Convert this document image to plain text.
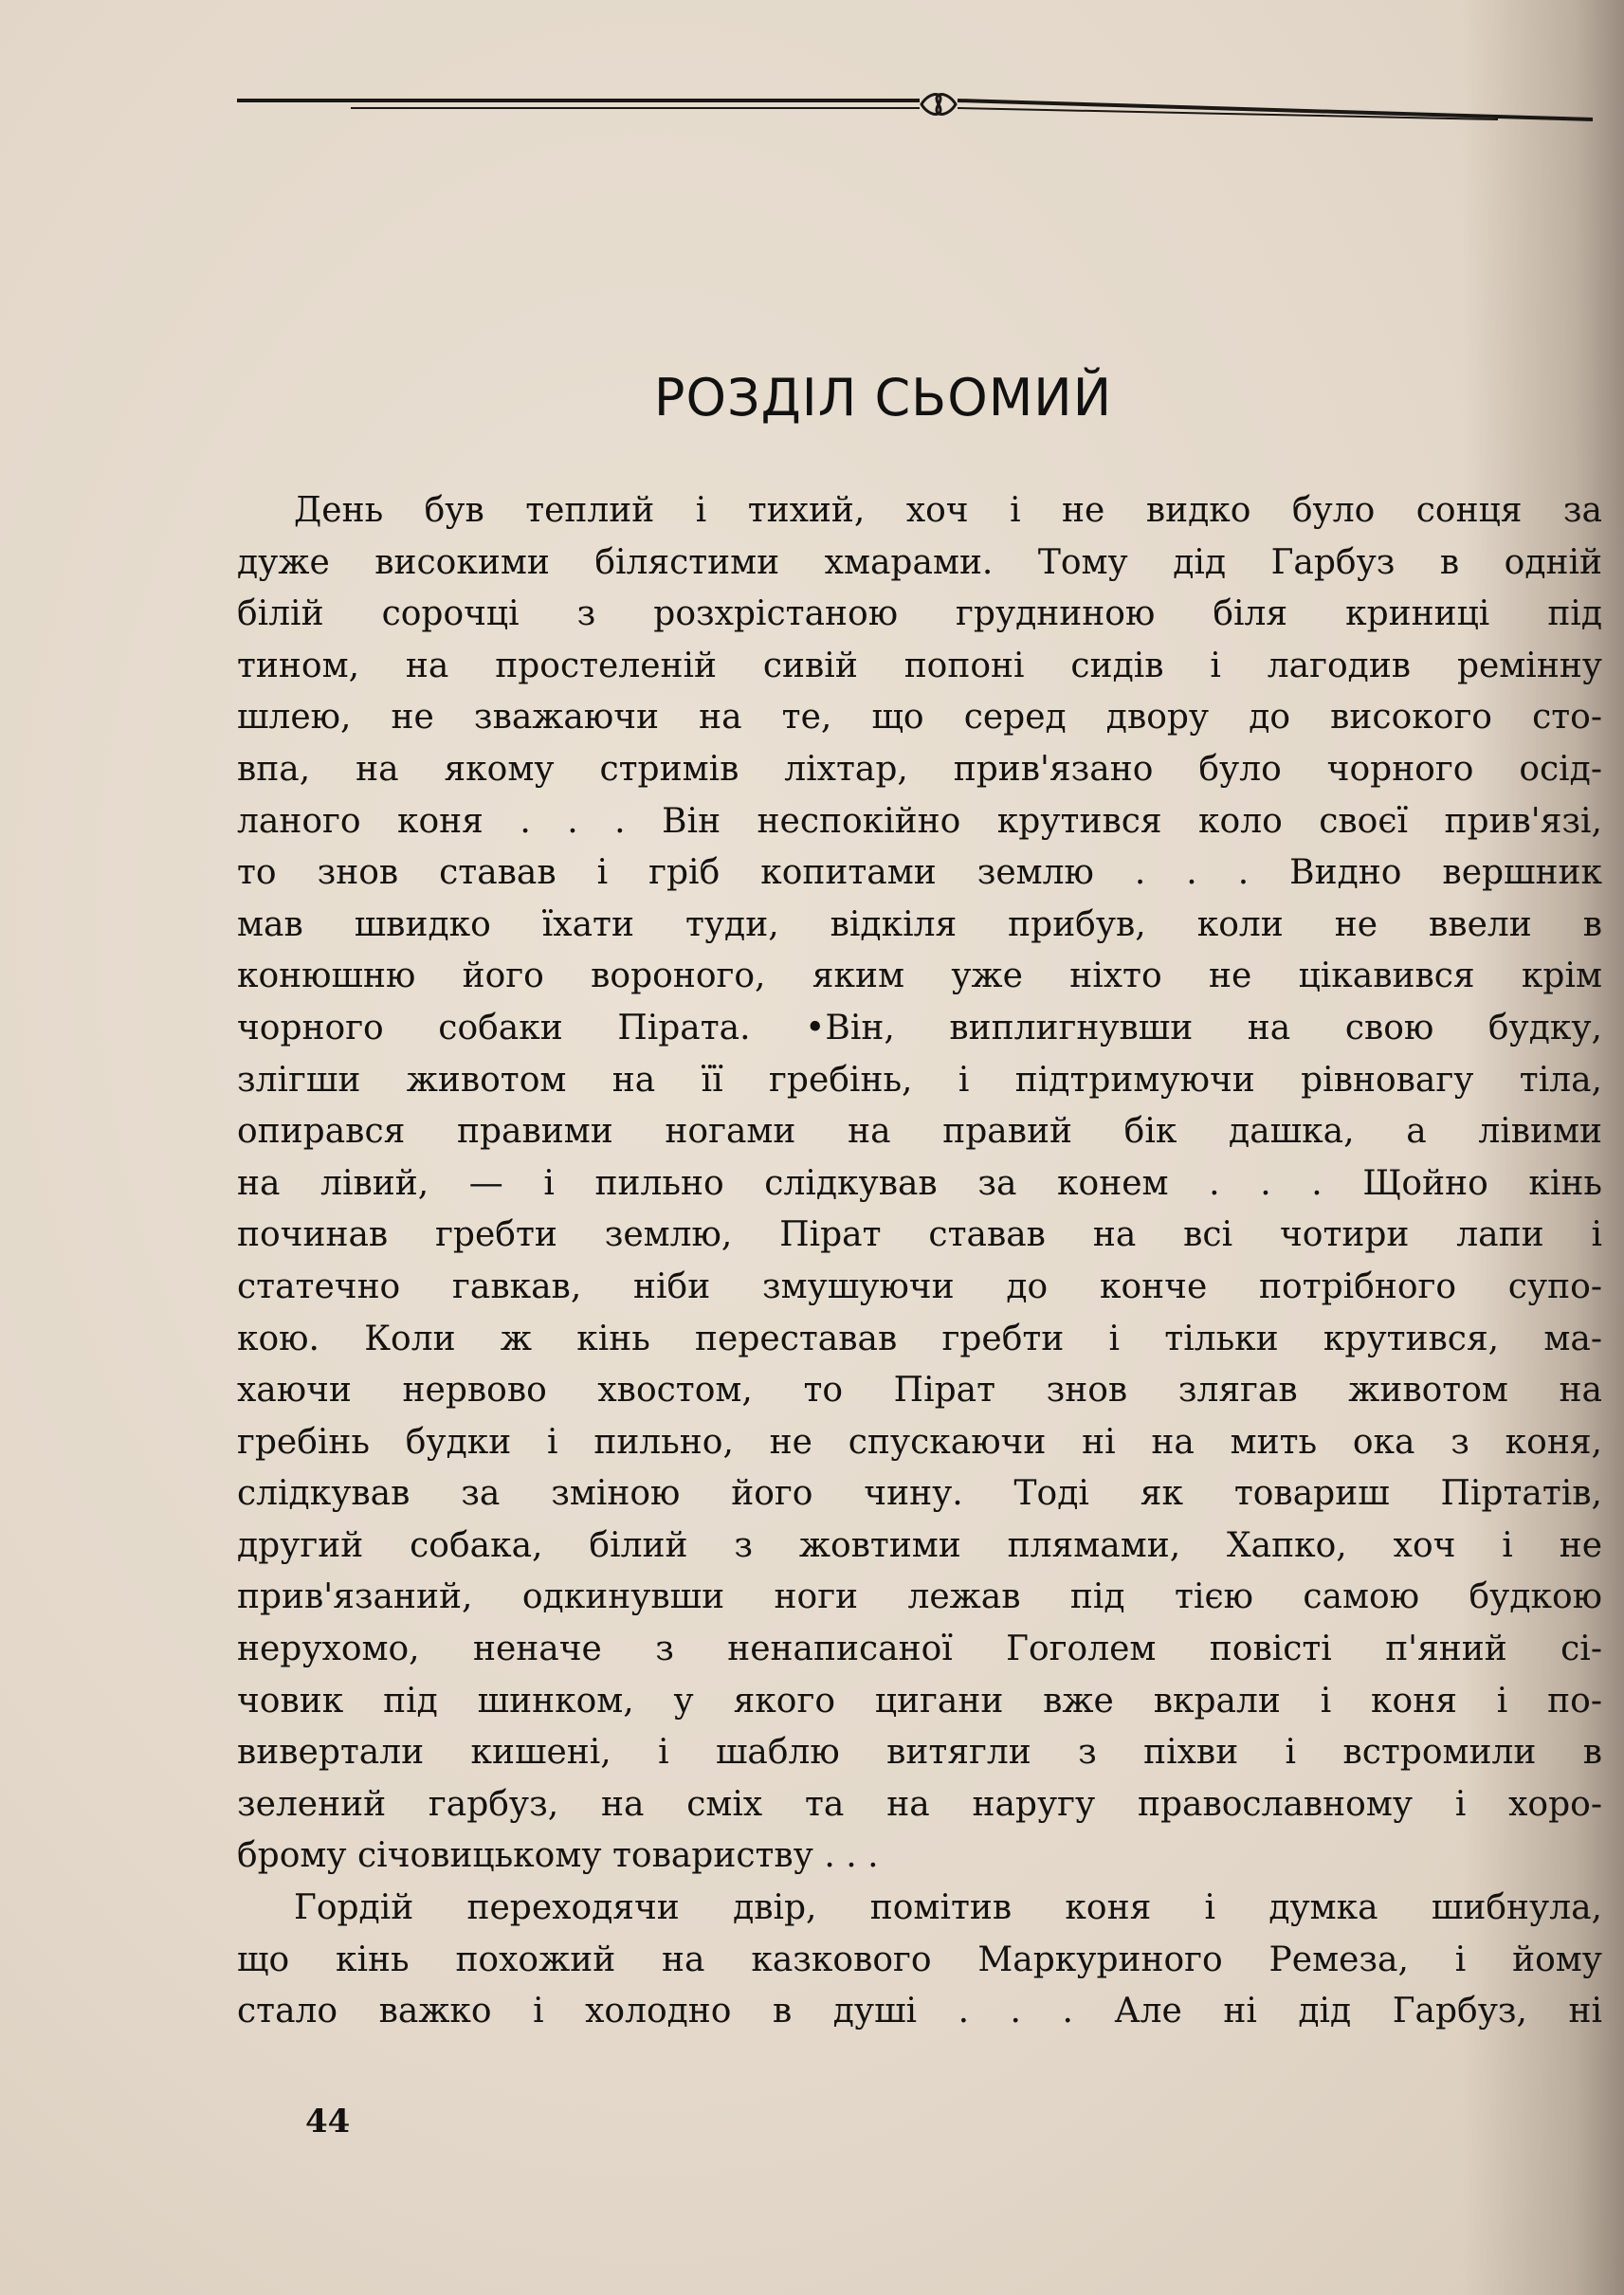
РОЗДІЛ СЬОМИЙ
День був теплий і тихий, хоч і не видко було сонця за
дуже високими білястими хмарами. Тому дід Гарбуз в одній
білій сорочці з розхрістаною грудниною біля криниці під
тином, на простеленій сивій попоні сидів і лагодив ремінну
шлею, не зважаючи на те, що серед двору до високого сто-
впа, на якому стримів ліхтар, прив'язано було чорного осід-
ланого коня . . . Він неспокійно крутився коло своєї прив'язі,
то знов ставав і гріб копитами землю . . . Видно вершник
мав швидко їхати туди, відкіля прибув, коли не ввели в
конюшню його вороного, яким уже ніхто не цікавився крім
чорного собаки Пірата. •Він, виплигнувши на свою будку,
злігши животом на її гребінь, і підтримуючи рівновагу тіла,
опирався правими ногами на правий бік дашка, а лівими
на лівий, — і пильно слідкував за конем . . . Щойно кінь
починав гребти землю, Пірат ставав на всі чотири лапи і
статечно гавкав, ніби змушуючи до конче потрібного супо-
кою. Коли ж кінь переставав гребти і тільки крутився, ма-
хаючи нервово хвостом, то Пірат знов злягав животом на
гребінь будки і пильно, не спускаючи ні на мить ока з коня,
слідкував за зміною його чину. Тоді як товариш Піртатів,
другий собака, білий з жовтими плямами, Хапко, хоч і не
прив'язаний, одкинувши ноги лежав під тією самою будкою
нерухомо, неначе з ненаписаної Гоголем повісті п'яний сі-
човик під шинком, у якого цигани вже вкрали і коня і по-
вивертали кишені, і шаблю витягли з піхви і встромили в
зелений гарбуз, на сміх та на наругу православному і хоро-
брому січовицькому товариству . . .
Гордій переходячи двір, помітив коня і думка шибнула,
що кінь похожий на казкового Маркуриного Ремеза, і йому
стало важко і холодно в душі . . . Але ні дід Гарбуз, ні
44
